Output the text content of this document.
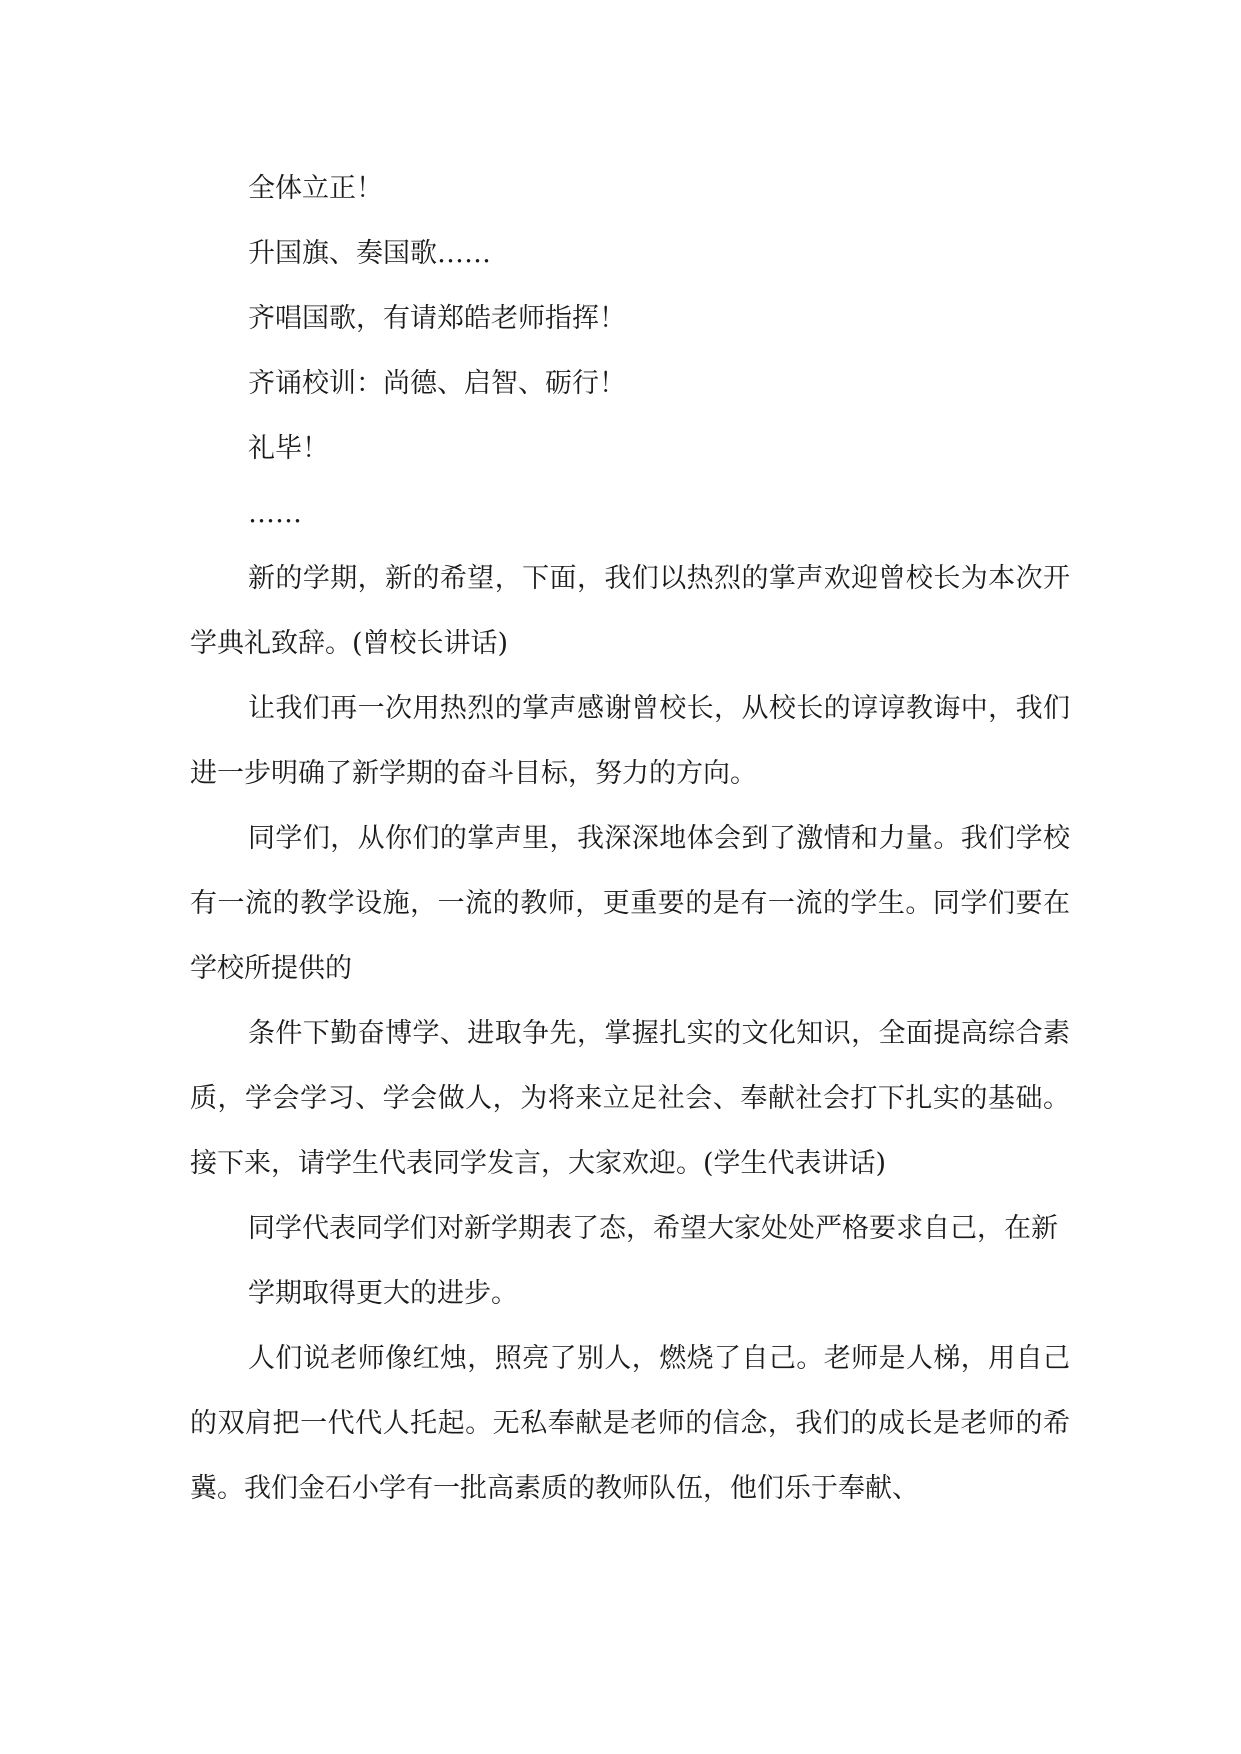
全体立正！

升国旗、奏国歌……

齐唱国歌，有请郑皓老师指挥！

齐诵校训：尚德、启智、砺行！

礼毕！

……

新的学期，新的希望，下面，我们以热烈的掌声欢迎曾校长为本次开学典礼致辞。(曾校长讲话)

让我们再一次用热烈的掌声感谢曾校长，从校长的谆谆教诲中，我们进一步明确了新学期的奋斗目标，努力的方向。

同学们，从你们的掌声里，我深深地体会到了激情和力量。我们学校有一流的教学设施，一流的教师，更重要的是有一流的学生。同学们要在学校所提供的

条件下勤奋博学、进取争先，掌握扎实的文化知识，全面提高综合素质，学会学习、学会做人，为将来立足社会、奉献社会打下扎实的基础。接下来，请学生代表同学发言，大家欢迎。(学生代表讲话)

同学代表同学们对新学期表了态，希望大家处处严格要求自己，在新

学期取得更大的进步。

人们说老师像红烛，照亮了别人，燃烧了自己。老师是人梯，用自己的双肩把一代代人托起。无私奉献是老师的信念，我们的成长是老师的希冀。我们金石小学有一批高素质的教师队伍，他们乐于奉献、
